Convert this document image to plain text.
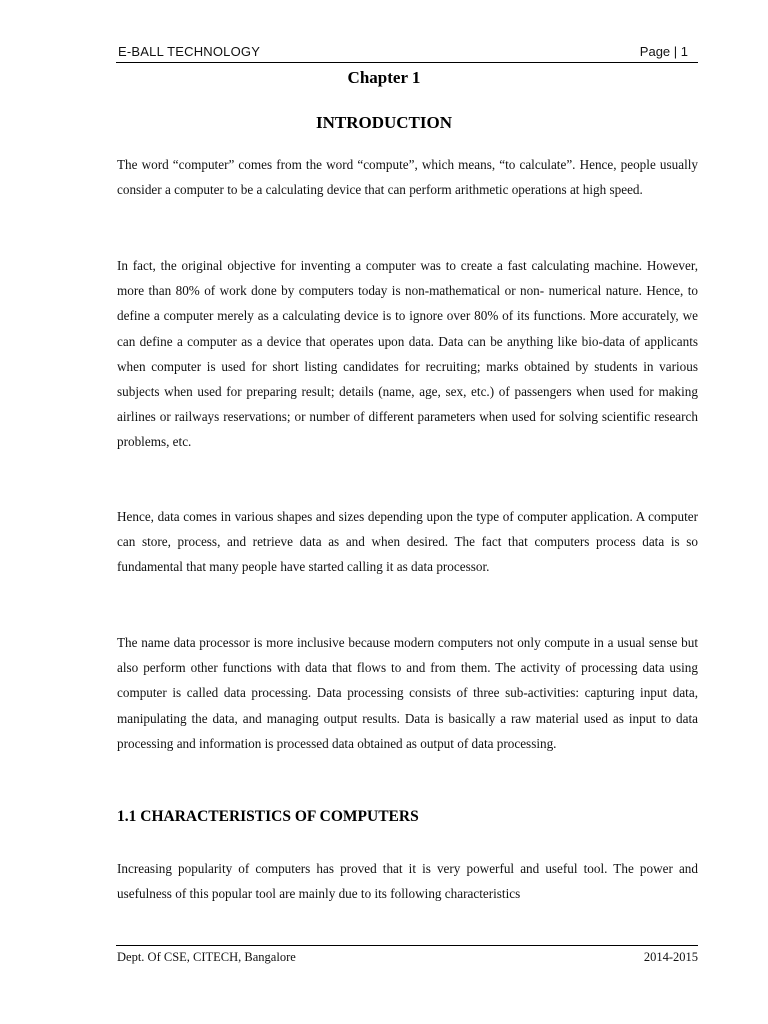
E-BALL TECHNOLOGY	Page | 1
Chapter 1
INTRODUCTION

The word “computer” comes from the word “compute”, which means, “to calculate”. Hence, people usually consider a computer to be a calculating device that can perform arithmetic operations at high speed.

In fact, the original objective for inventing a computer was to create a fast calculating machine. However, more than 80% of work done by computers today is non-mathematical or non- numerical nature. Hence, to define a computer merely as a calculating device is to ignore over 80% of its functions. More accurately, we can define a computer as a device that operates upon data. Data can be anything like bio-data of applicants when computer is used for short listing candidates for recruiting; marks obtained by students in various subjects when used for preparing result; details (name, age, sex, etc.) of passengers when used for making airlines or railways reservations; or number of different parameters when used for solving scientific research problems, etc.

Hence, data comes in various shapes and sizes depending upon the type of computer application. A computer can store, process, and retrieve data as and when desired. The fact that computers process data is so fundamental that many people have started calling it as data processor.

The name data processor is more inclusive because modern computers not only compute in a usual sense but also perform other functions with data that flows to and from them. The activity of processing data using computer is called data processing. Data processing consists of three sub-activities: capturing input data, manipulating the data, and managing output results. Data is basically a raw material used as input to data processing and information is processed data obtained as output of data processing.

1.1 CHARACTERISTICS OF COMPUTERS

Increasing popularity of computers has proved that it is very powerful and useful tool. The power and usefulness of this popular tool are mainly due to its following characteristics

Dept. Of CSE, CITECH, Bangalore	2014-2015
